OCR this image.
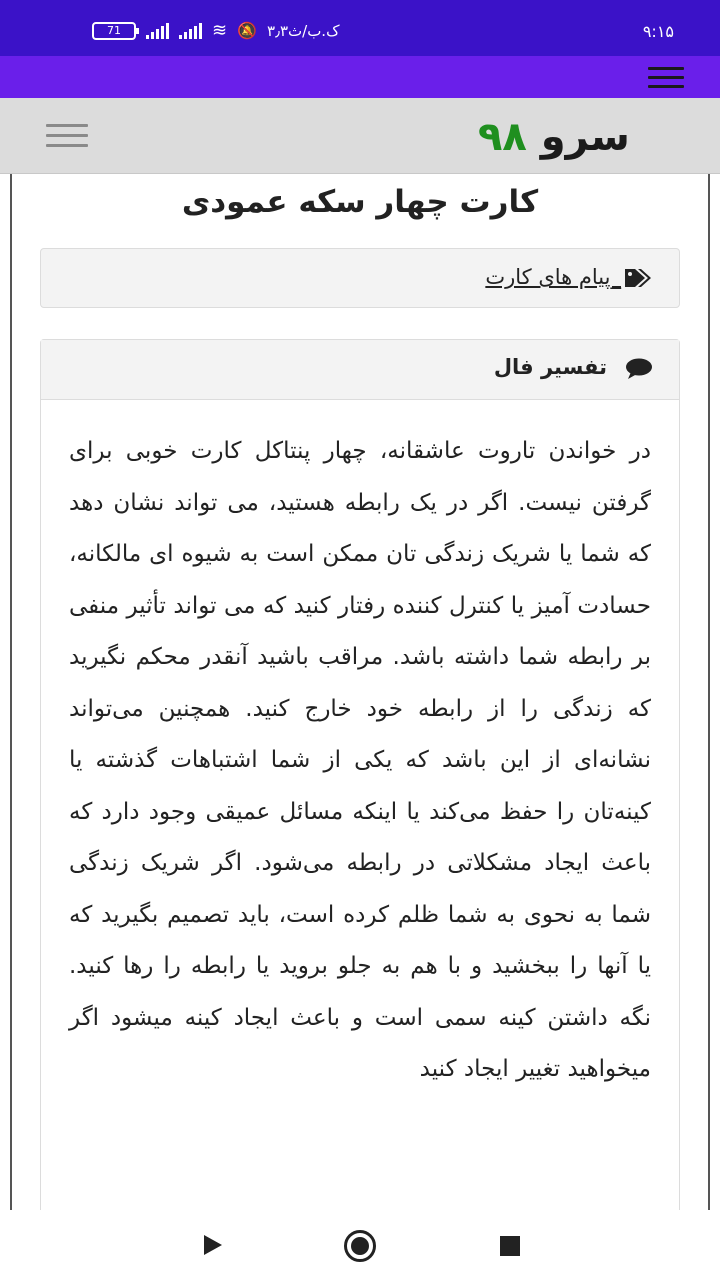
71	≋ 🔕 ۳٫۳ک.ب/ث	۹:۱۵
سرو ۹۸
کارت چهار سکه عمودی
_پیام های کارت
تفسیر فال

در خواندن تاروت عاشقانه، چهار پنتاکل کارت خوبی برای گرفتن نیست. اگر در یک رابطه هستید، می تواند نشان دهد که شما یا شریک زندگی تان ممکن است به شیوه ای مالکانه، حسادت آمیز یا کنترل کننده رفتار کنید که می تواند تأثیر منفی بر رابطه شما داشته باشد. مراقب باشید آنقدر محکم نگیرید که زندگی را از رابطه خود خارج کنید. همچنین می‌تواند نشانه‌ای از این باشد که یکی از شما اشتباهات گذشته یا کینه‌تان را حفظ می‌کند یا اینکه مسائل عمیقی وجود دارد که باعث ایجاد مشکلاتی در رابطه می‌شود. اگر شریک زندگی شما به نحوی به شما ظلم کرده است، باید تصمیم بگیرید که یا آنها را ببخشید و با هم به جلو بروید یا رابطه را رها کنید. نگه داشتن کینه سمی است و باعث ایجاد کینه میشود اگر میخواهید تغییر ایجاد کنید
